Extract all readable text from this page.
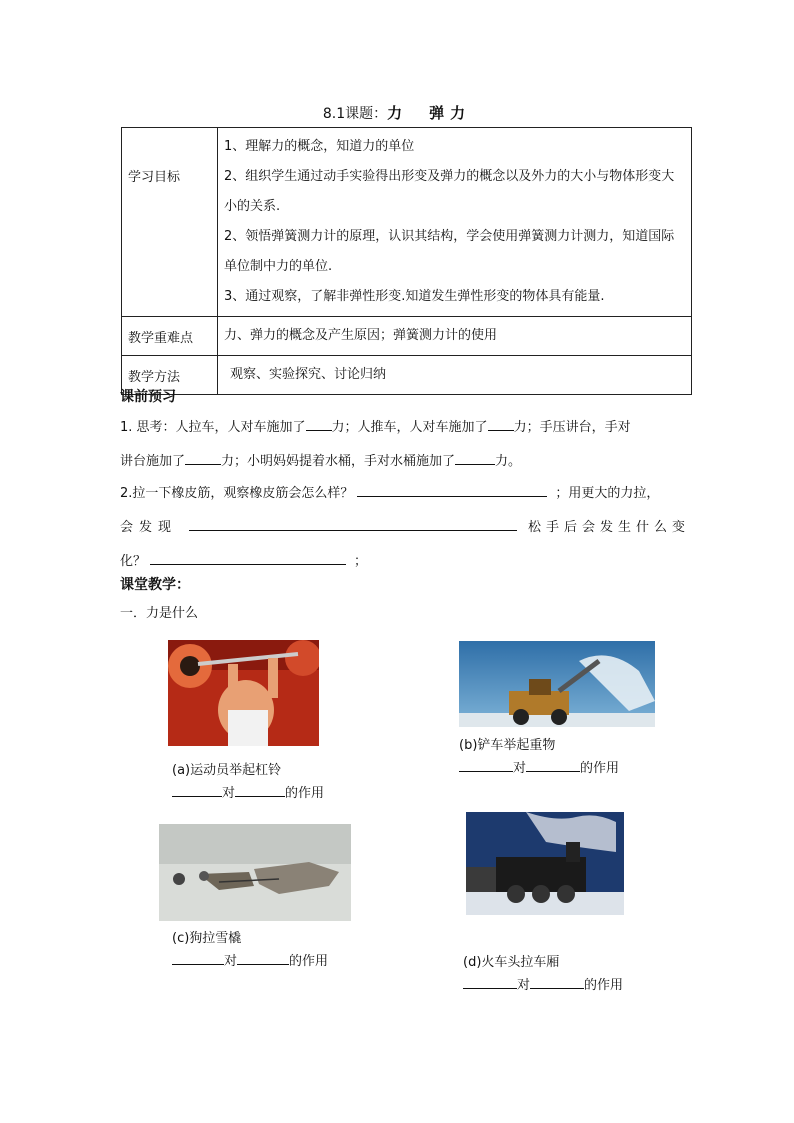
8.1课题：力　弹力
学习目标	1、理解力的概念，知道力的单位

2、组织学生通过动手实验得出形变及弹力的概念以及外力的大小与物体形变大小的关系.

2、领悟弹簧测力计的原理，认识其结构，学会使用弹簧测力计测力，知道国际单位制中力的单位.

3、通过观察，了解非弹性形变.知道发生弹性形变的物体具有能量.

教学重难点	力、弹力的概念及产生原因；弹簧测力计的使用
教学方法	观察、实验探究、讨论归纳
课前预习
1. 思考：人拉车，人对车施加了 力；人推车，人对车施加了 力；手压讲台，手对
讲台施加了	力；小明妈妈提着水桶，手对水桶施加了	力。
2.拉一下橡皮筋，观察橡皮筋会怎么样？	；用更大的力拉，
会发现	松手后会发生什么变
化？	；
课堂教学：
一．力是什么
(a)运动员举起杠铃
对	的作用
(b)铲车举起重物
对	的作用
(c)狗拉雪橇
对	的作用	(d)火车头拉车厢
对	的作用
